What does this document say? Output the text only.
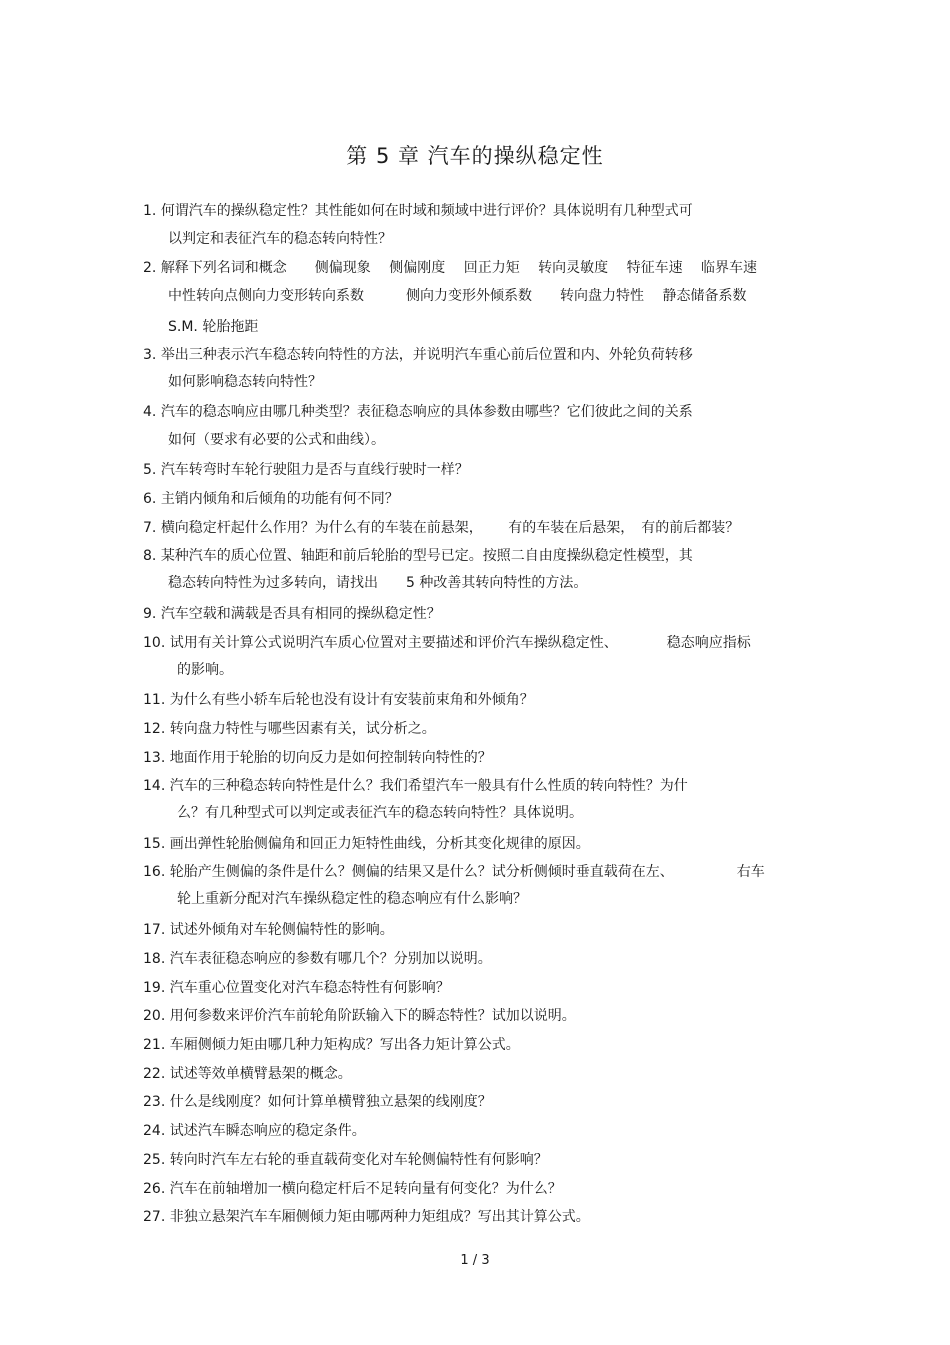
第 5 章 汽车的操纵稳定性
1. 何谓汽车的操纵稳定性？其性能如何在时域和频域中进行评价？具体说明有几种型式可
以判定和表征汽车的稳态转向特性？
2. 解释下列名词和概念　　侧偏现象　 侧偏刚度　 回正力矩　 转向灵敏度　 特征车速　 临界车速
中性转向点侧向力变形转向系数　　　侧向力变形外倾系数　　转向盘力特性　 静态储备系数
S.M. 轮胎拖距
3. 举出三种表示汽车稳态转向特性的方法，并说明汽车重心前后位置和内、外轮负荷转移
如何影响稳态转向特性？
4. 汽车的稳态响应由哪几种类型？表征稳态响应的具体参数由哪些？它们彼此之间的关系
如何（要求有必要的公式和曲线）。
5. 汽车转弯时车轮行驶阻力是否与直线行驶时一样？
6. 主销内倾角和后倾角的功能有何不同？
7. 横向稳定杆起什么作用？为什么有的车装在前悬架，　　 有的车装在后悬架，　有的前后都装？
8. 某种汽车的质心位置、轴距和前后轮胎的型号已定。按照二自由度操纵稳定性模型，其
稳态转向特性为过多转向，请找出　　5 种改善其转向特性的方法。
9. 汽车空载和满载是否具有相同的操纵稳定性？
10. 试用有关计算公式说明汽车质心位置对主要描述和评价汽车操纵稳定性、　　　　稳态响应指标
的影响。
11. 为什么有些小轿车后轮也没有设计有安装前束角和外倾角？
12. 转向盘力特性与哪些因素有关，试分析之。
13. 地面作用于轮胎的切向反力是如何控制转向特性的？
14. 汽车的三种稳态转向特性是什么？我们希望汽车一般具有什么性质的转向特性？为什
么？有几种型式可以判定或表征汽车的稳态转向特性？具体说明。
15. 画出弹性轮胎侧偏角和回正力矩特性曲线，分析其变化规律的原因。
16. 轮胎产生侧偏的条件是什么？侧偏的结果又是什么？试分析侧倾时垂直载荷在左、　　　　　右车
轮上重新分配对汽车操纵稳定性的稳态响应有什么影响？
17. 试述外倾角对车轮侧偏特性的影响。
18. 汽车表征稳态响应的参数有哪几个？分别加以说明。
19. 汽车重心位置变化对汽车稳态特性有何影响？
20. 用何参数来评价汽车前轮角阶跃输入下的瞬态特性？试加以说明。
21. 车厢侧倾力矩由哪几种力矩构成？写出各力矩计算公式。
22. 试述等效单横臂悬架的概念。
23. 什么是线刚度？如何计算单横臂独立悬架的线刚度？
24. 试述汽车瞬态响应的稳定条件。
25. 转向时汽车左右轮的垂直载荷变化对车轮侧偏特性有何影响？
26. 汽车在前轴增加一横向稳定杆后不足转向量有何变化？为什么？
27. 非独立悬架汽车车厢侧倾力矩由哪两种力矩组成？写出其计算公式。
1 / 3
